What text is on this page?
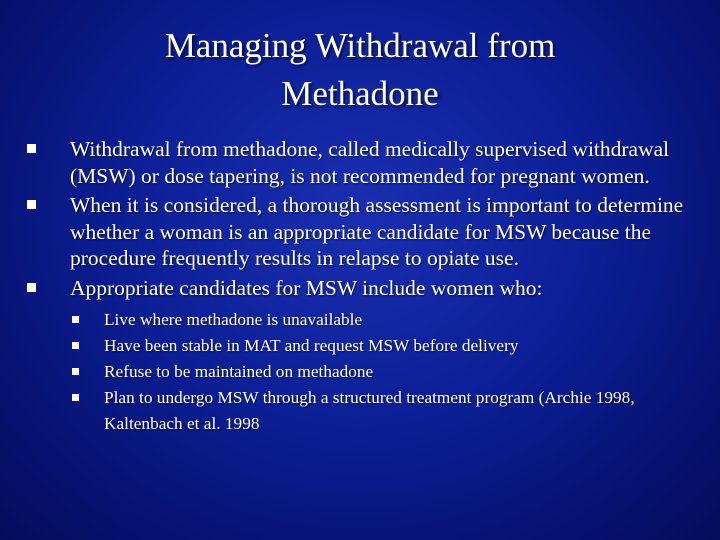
Managing Withdrawal from
Methadone
Withdrawal from methadone, called medically supervised withdrawal (MSW) or dose tapering, is not recommended for pregnant women.
When it is considered, a thorough assessment is important to determine whether a woman is an appropriate candidate for MSW because the procedure frequently results in relapse to opiate use.
Appropriate candidates for MSW include women who:
Live where methadone is unavailable
Have been stable in MAT and request MSW before delivery
Refuse to be maintained on methadone
Plan to undergo MSW through a structured treatment program (Archie 1998, Kaltenbach et al. 1998
